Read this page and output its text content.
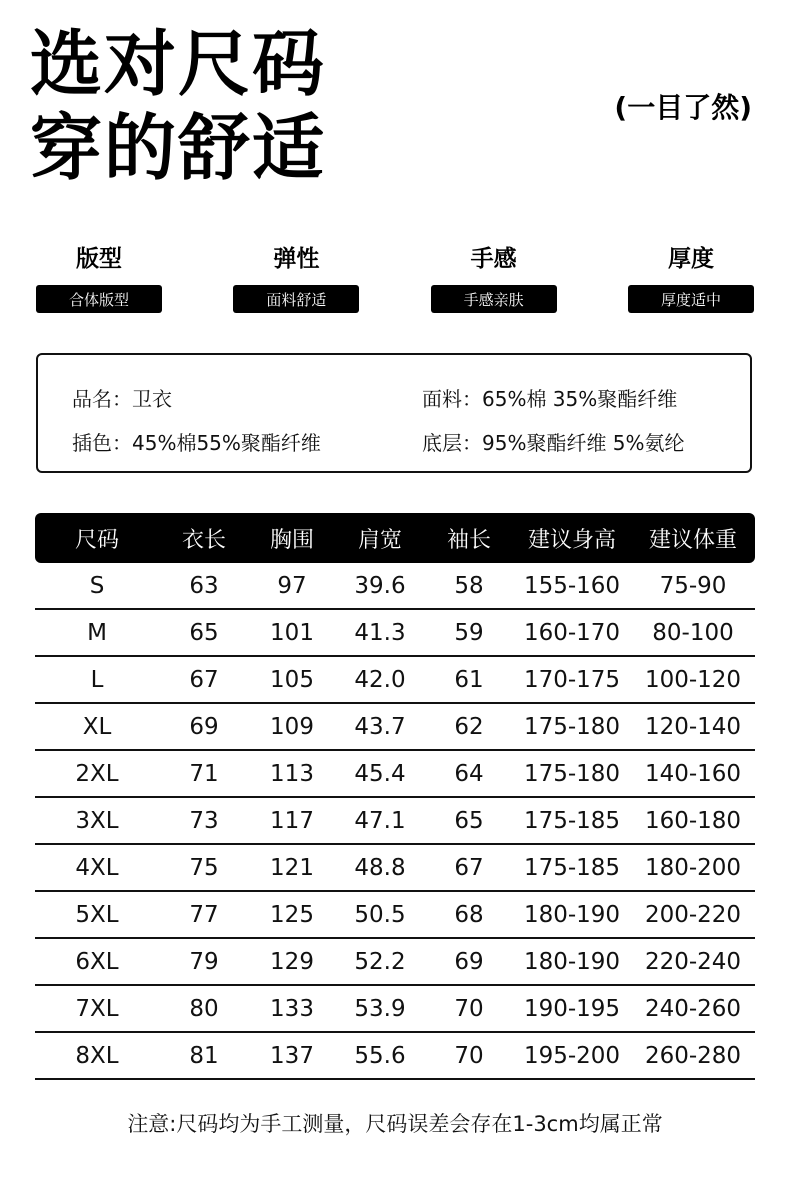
选对尺码
穿的舒适	(一目了然)
版型
合体版型
弹性
面料舒适
手感
手感亲肤
厚度
厚度适中
品名：卫衣	面料：65%棉 35%聚酯纤维
插色：45%棉55%聚酯纤维	底层：95%聚酯纤维 5%氨纶
尺码	衣长	胸围	肩宽	袖长	建议身高	建议体重
S	63	97	39.6	58	155-160	75-90
M	65	101	41.3	59	160-170	80-100
L	67	105	42.0	61	170-175	100-120
XL	69	109	43.7	62	175-180	120-140
2XL	71	113	45.4	64	175-180	140-160
3XL	73	117	47.1	65	175-185	160-180
4XL	75	121	48.8	67	175-185	180-200
5XL	77	125	50.5	68	180-190	200-220
6XL	79	129	52.2	69	180-190	220-240
7XL	80	133	53.9	70	190-195	240-260
8XL	81	137	55.6	70	195-200	260-280
注意:尺码均为手工测量，尺码误差会存在1-3cm均属正常
